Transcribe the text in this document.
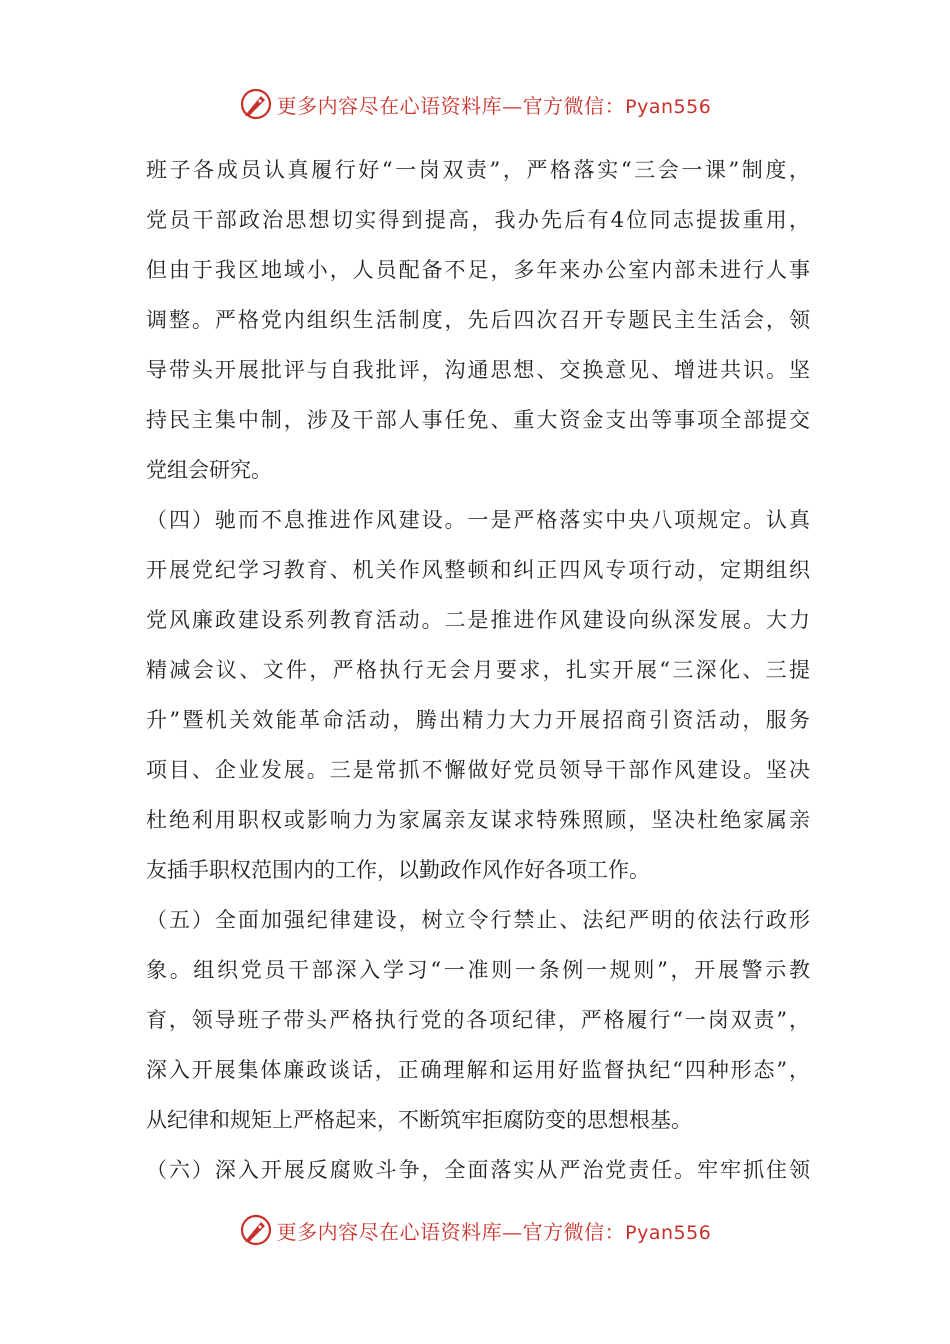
更多内容尽在心语资料库—官方微信：Pyan556
班子各成员认真履行好“一岗双责”，严格落实“三会一课”制度，
党员干部政治思想切实得到提高，我办先后有4位同志提拔重用，
但由于我区地域小，人员配备不足，多年来办公室内部未进行人事
调整。严格党内组织生活制度，先后四次召开专题民主生活会，领
导带头开展批评与自我批评，沟通思想、交换意见、增进共识。坚
持民主集中制，涉及干部人事任免、重大资金支出等事项全部提交
党组会研究。
（四）驰而不息推进作风建设。一是严格落实中央八项规定。认真
开展党纪学习教育、机关作风整顿和纠正四风专项行动，定期组织
党风廉政建设系列教育活动。二是推进作风建设向纵深发展。大力
精减会议、文件，严格执行无会月要求，扎实开展“三深化、三提
升”暨机关效能革命活动，腾出精力大力开展招商引资活动，服务
项目、企业发展。三是常抓不懈做好党员领导干部作风建设。坚决
杜绝利用职权或影响力为家属亲友谋求特殊照顾，坚决杜绝家属亲
友插手职权范围内的工作，以勤政作风作好各项工作。
（五）全面加强纪律建设，树立令行禁止、法纪严明的依法行政形
象。组织党员干部深入学习“一准则一条例一规则”，开展警示教
育，领导班子带头严格执行党的各项纪律，严格履行“一岗双责”，
深入开展集体廉政谈话，正确理解和运用好监督执纪“四种形态”，
从纪律和规矩上严格起来，不断筑牢拒腐防变的思想根基。
（六）深入开展反腐败斗争，全面落实从严治党责任。牢牢抓住领
更多内容尽在心语资料库—官方微信：Pyan556
